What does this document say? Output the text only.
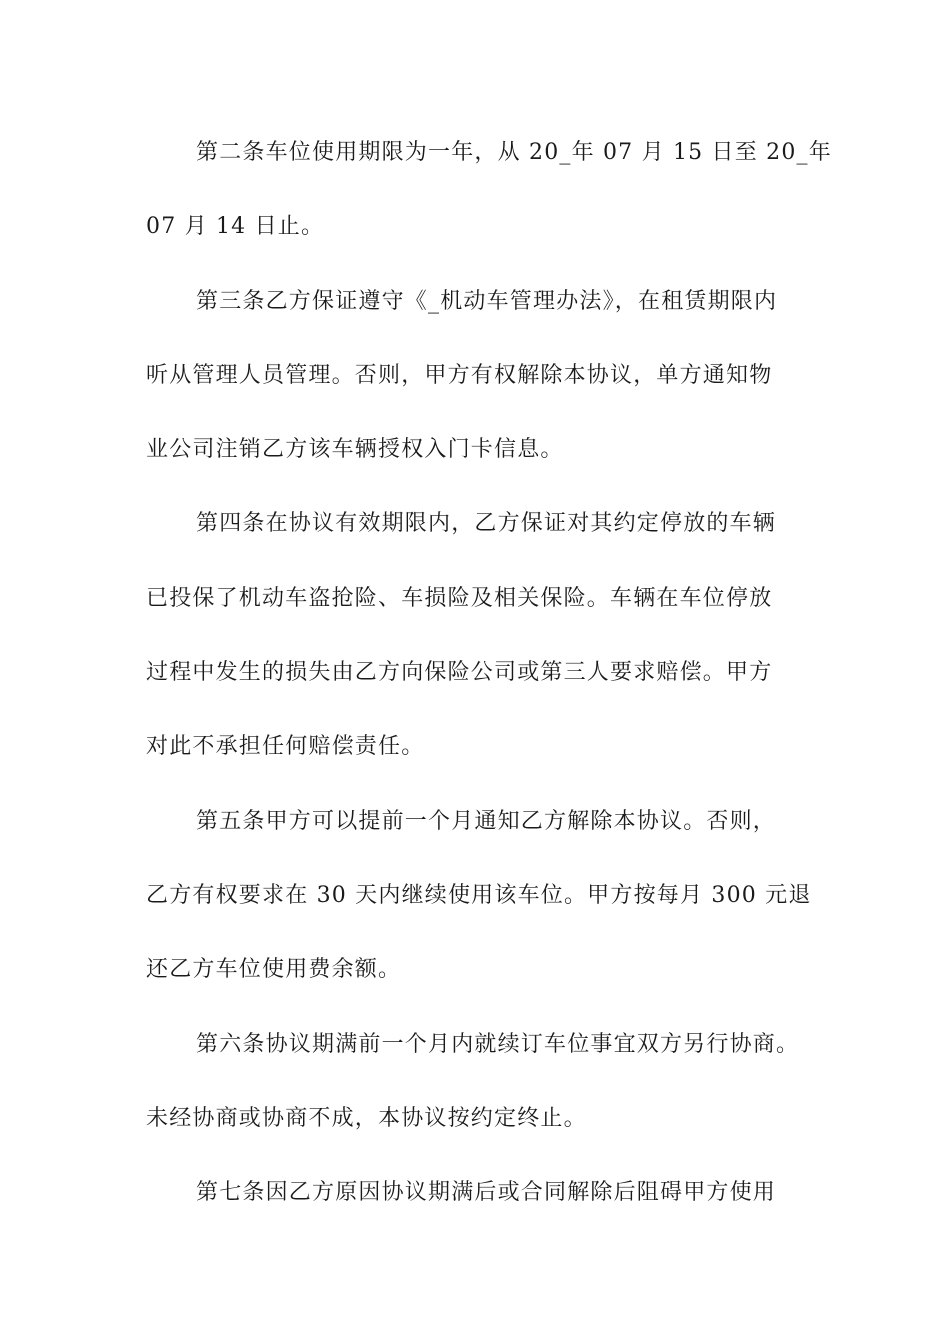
第二条车位使用期限为一年，从 20_年 07 月 15 日至 20_年
07 月 14 日止。
第三条乙方保证遵守《_机动车管理办法》，在租赁期限内
听从管理人员管理。否则，甲方有权解除本协议，单方通知物
业公司注销乙方该车辆授权入门卡信息。
第四条在协议有效期限内，乙方保证对其约定停放的车辆
已投保了机动车盗抢险、车损险及相关保险。车辆在车位停放
过程中发生的损失由乙方向保险公司或第三人要求赔偿。甲方
对此不承担任何赔偿责任。
第五条甲方可以提前一个月通知乙方解除本协议。否则，
乙方有权要求在 30 天内继续使用该车位。甲方按每月 300 元退
还乙方车位使用费余额。
第六条协议期满前一个月内就续订车位事宜双方另行协商。
未经协商或协商不成，本协议按约定终止。
第七条因乙方原因协议期满后或合同解除后阻碍甲方使用
